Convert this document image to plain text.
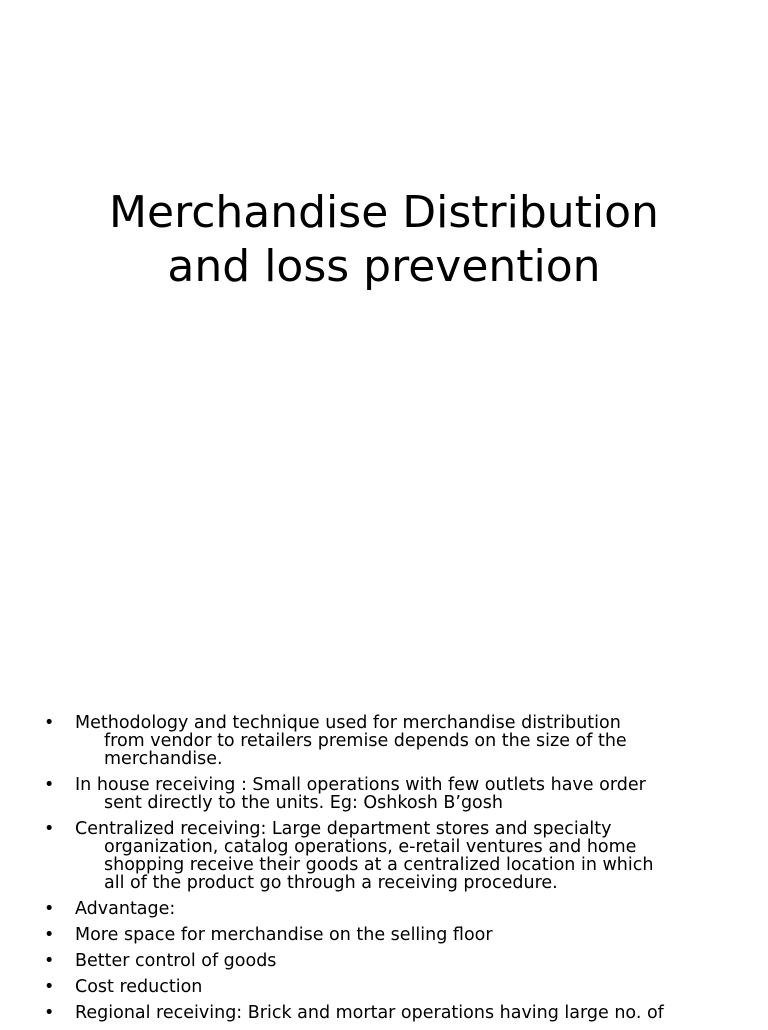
Merchandise Distribution
and loss prevention
• Methodology and technique used for merchandise distribution
from vendor to retailers premise depends on the size of the
merchandise.
• In house receiving : Small operations with few outlets have order
sent directly to the units. Eg: Oshkosh B’gosh
• Centralized receiving: Large department stores and specialty
organization, catalog operations, e-retail ventures and home
shopping receive their goods at a centralized location in which
all of the product go through a receiving procedure.
• Advantage:
• More space for merchandise on the selling floor
• Better control of goods
• Cost reduction
• Regional receiving: Brick and mortar operations having large no. of
